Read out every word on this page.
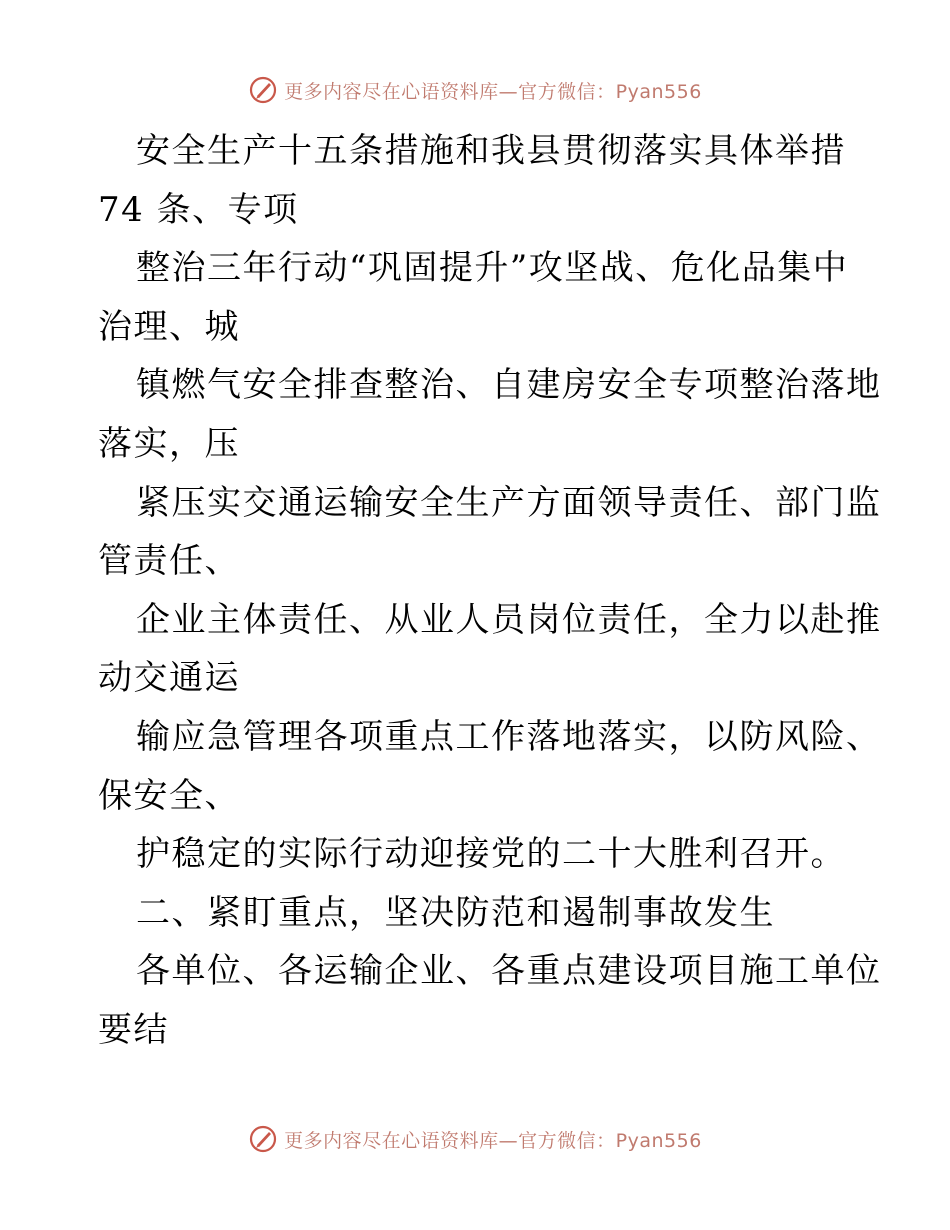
更多内容尽在心语资料库—官方微信：Pyan556
安全生产十五条措施和我县贯彻落实具体举措
74 条、专项
整治三年行动“巩固提升”攻坚战、危化品集中
治理、城
镇燃气安全排查整治、自建房安全专项整治落地
落实，压
紧压实交通运输安全生产方面领导责任、部门监
管责任、
企业主体责任、从业人员岗位责任，全力以赴推
动交通运
输应急管理各项重点工作落地落实，以防风险、
保安全、
护稳定的实际行动迎接党的二十大胜利召开。
二、紧盯重点，坚决防范和遏制事故发生
各单位、各运输企业、各重点建设项目施工单位
要结
更多内容尽在心语资料库—官方微信：Pyan556
